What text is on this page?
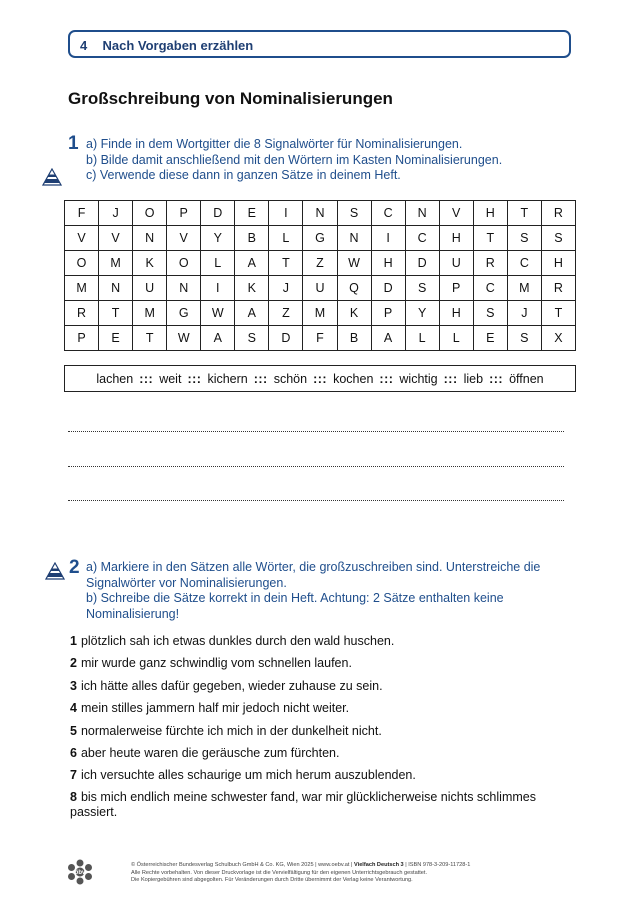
4 Nach Vorgaben erzählen
Großschreibung von Nominalisierungen
1 a) Finde in dem Wortgitter die 8 Signalwörter für Nominalisierungen.
b) Bilde damit anschließend mit den Wörtern im Kasten Nominalisierungen.
c) Verwende diese dann in ganzen Sätze in deinem Heft.
F	J	O	P	D	E	I	N	S	C	N	V	H	T	R
V	V	N	V	Y	B	L	G	N	I	C	H	T	S	S
O	M	K	O	L	A	T	Z	W	H	D	U	R	C	H
M	N	U	N	I	K	J	U	Q	D	S	P	C	M	R
R	T	M	G	W	A	Z	M	K	P	Y	H	S	J	T
P	E	T	W	A	S	D	F	B	A	L	L	E	S	X
lachen ::: weit ::: kichern ::: schön ::: kochen ::: wichtig ::: lieb ::: öffnen
2 a) Markiere in den Sätzen alle Wörter, die großzuschreiben sind. Unterstreiche die
Signalwörter vor Nominalisierungen.
b) Schreibe die Sätze korrekt in dein Heft. Achtung: 2 Sätze enthalten keine
Nominalisierung!
1 plötzlich sah ich etwas dunkles durch den wald huschen.
2 mir wurde ganz schwindlig vom schnellen laufen.
3 ich hätte alles dafür gegeben, wieder zuhause zu sein.
4 mein stilles jammern half mir jedoch nicht weiter.
5 normalerweise fürchte ich mich in der dunkelheit nicht.
6 aber heute waren die geräusche zum fürchten.
7 ich versuchte alles schaurige um mich herum auszublenden.
8 bis mich endlich meine schwester fand, war mir glücklicherweise nichts schlimmes passiert.
öbv
© Österreichischer Bundesverlag Schulbuch GmbH & Co. KG, Wien 2025 | www.oebv.at | Vielfach Deutsch 3 | ISBN 978-3-209-11728-1
Alle Rechte vorbehalten. Von dieser Druckvorlage ist die Vervielfältigung für den eigenen Unterrichtsgebrauch gestattet.
Die Kopiergebühren sind abgegolten. Für Veränderungen durch Dritte übernimmt der Verlag keine Verantwortung.
